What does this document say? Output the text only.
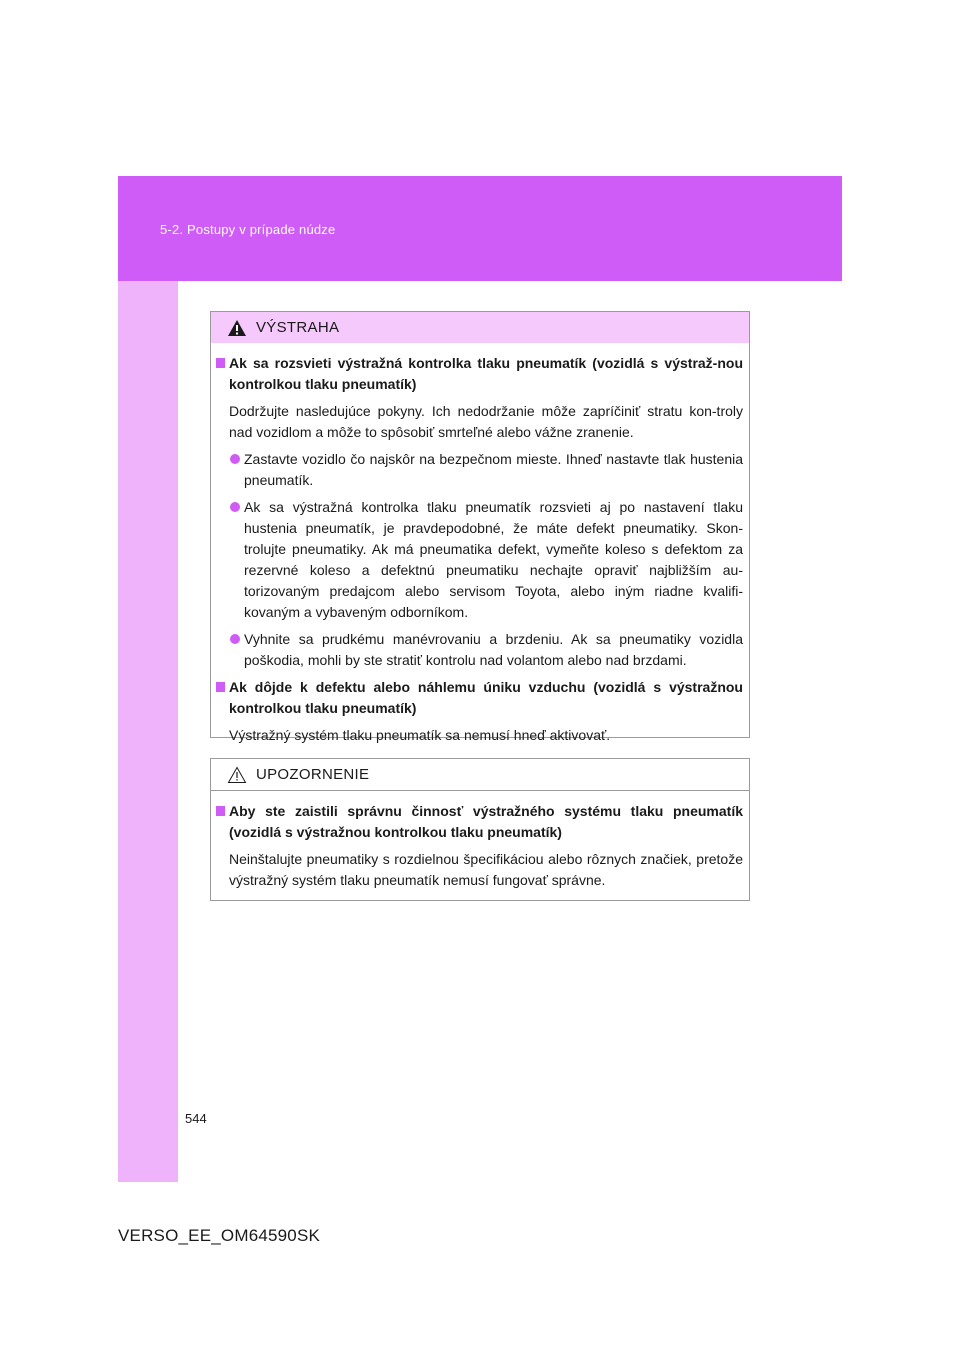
5-2. Postupy v prípade núdze
VÝSTRAHA
Ak sa rozsvieti výstražná kontrolka tlaku pneumatík (vozidlá s výstraž-nou kontrolkou tlaku pneumatík)
Dodržujte nasledujúce pokyny. Ich nedodržanie môže zapríčiniť stratu kon-troly nad vozidlom a môže to spôsobiť smrteľné alebo vážne zranenie.
Zastavte vozidlo čo najskôr na bezpečnom mieste. Ihneď nastavte tlak hustenia pneumatík.
Ak sa výstražná kontrolka tlaku pneumatík rozsvieti aj po nastavení tlaku hustenia pneumatík, je pravdepodobné, že máte defekt pneumatiky. Skon-trolujte pneumatiky. Ak má pneumatika defekt, vymeňte koleso s defektom za rezervné koleso a defektnú pneumatiku nechajte opraviť najbližším au-torizovaným predajcom alebo servisom Toyota, alebo iným riadne kvalifi-kovaným a vybaveným odborníkom.
Vyhnite sa prudkému manévrovaniu a brzdeniu. Ak sa pneumatiky vozidla poškodia, mohli by ste stratiť kontrolu nad volantom alebo nad brzdami.
Ak dôjde k defektu alebo náhlemu úniku vzduchu (vozidlá s výstražnou kontrolkou tlaku pneumatík)
Výstražný systém tlaku pneumatík sa nemusí hneď aktivovať.
UPOZORNENIE
Aby ste zaistili správnu činnosť výstražného systému tlaku pneumatík (vozidlá s výstražnou kontrolkou tlaku pneumatík)
Neinštalujte pneumatiky s rozdielnou špecifikáciou alebo rôznych značiek, pretože výstražný systém tlaku pneumatík nemusí fungovať správne.
544
VERSO_EE_OM64590SK
